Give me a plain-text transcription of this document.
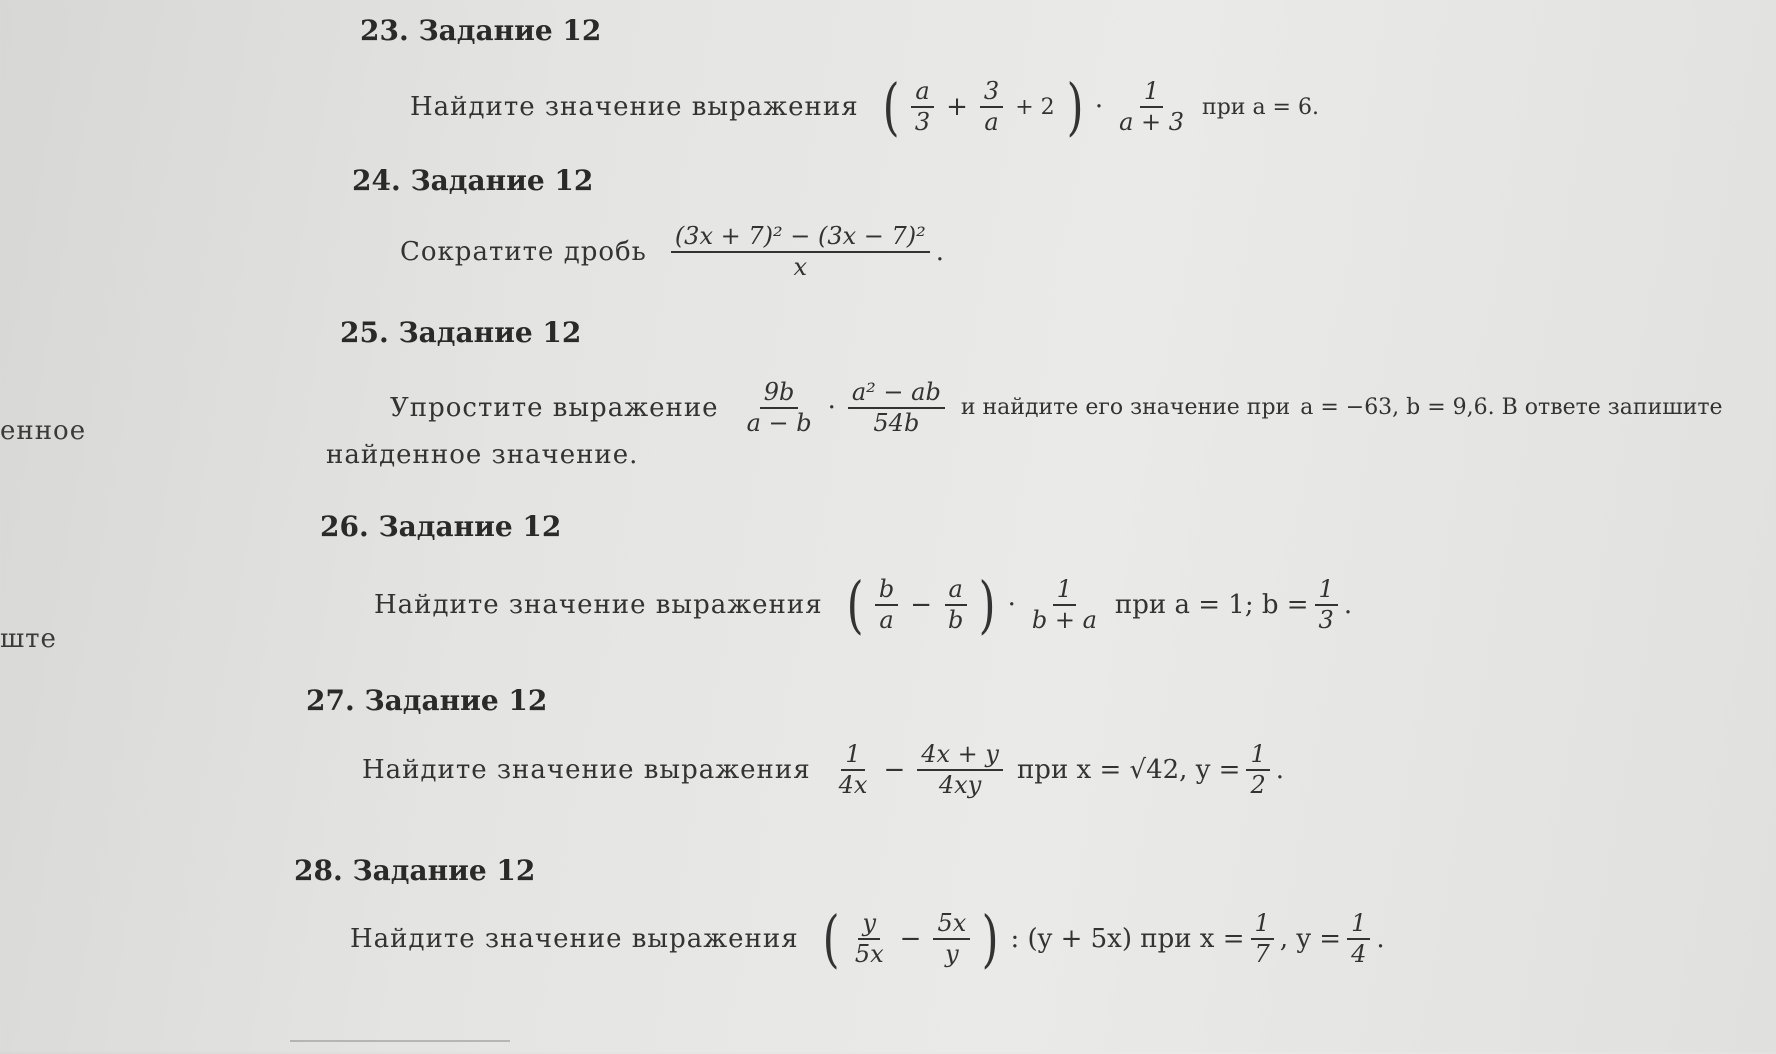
енное
ште
23. Задание 12
Найдите значение выражения ( $\frac{a}{3} + \frac{3}{a} + 2$ ) · $\frac{1}{a + 3}$ при a = 6.
24. Задание 12
Сократите дробь $\frac{\text{(3x + 7)² − (3x − 7)²}}{x}$ .
25. Задание 12
Упростите выражение $\frac{9b}{a - b} \cdot \frac{\text{a² − ab}}{54b}$ и найдите его значение при a = −63, b = 9,6. В ответе запишите
найденное значение.
26. Задание 12
Найдите значение выражения ( $\frac{b}{a} - \frac{a}{b}$ ) · $\frac{1}{b + a}$ при a = 1; $b = \frac{1}{3}$ .
27. Задание 12
Найдите значение выражения $\frac{1}{4x} - \frac{4x + y}{4xy}$ при x = √42, $y = \frac{1}{2}$ .
28. Задание 12
Найдите значение выражения ( $\frac{y}{5x} - \frac{5x}{y}$ ) : (y + 5x) при $x = \frac{1}{7}$ , $y = \frac{1}{4}$ .
